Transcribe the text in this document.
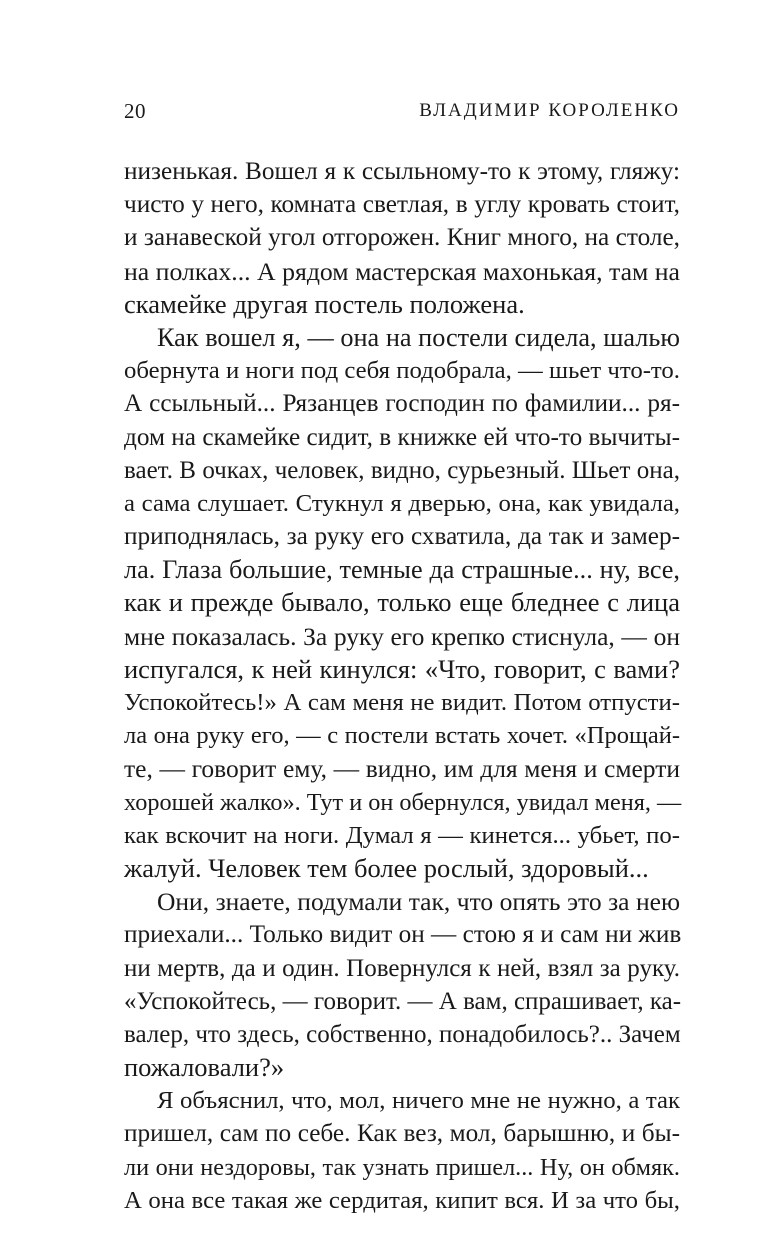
20	ВЛАДИМИР КОРОЛЕНКО

низенькая. Вошел я к ссыльному-то к этому, гляжу:
чисто у него, комната светлая, в углу кровать стоит,
и занавеской угол отгорожен. Книг много, на столе,
на полках... А рядом мастерская махонькая, там на
скамейке другая постель положена.

Как вошел я, — она на постели сидела, шалью
обернута и ноги под себя подобрала, — шьет что-то.
А ссыльный... Рязанцев господин по фамилии... ря-
дом на скамейке сидит, в книжке ей что-то вычиты-
вает. В очках, человек, видно, сурьезный. Шьет она,
а сама слушает. Стукнул я дверью, она, как увидала,
приподнялась, за руку его схватила, да так и замер-
ла. Глаза большие, темные да страшные... ну, все,
как и прежде бывало, только еще бледнее с лица
мне показалась. За руку его крепко стиснула, — он
испугался, к ней кинулся: «Что, говорит, с вами?
Успокойтесь!» А сам меня не видит. Потом отпусти-
ла она руку его, — с постели встать хочет. «Прощай-
те, — говорит ему, — видно, им для меня и смерти
хорошей жалко». Тут и он обернулся, увидал меня, —
как вскочит на ноги. Думал я — кинется... убьет, по-
жалуй. Человек тем более рослый, здоровый...

Они, знаете, подумали так, что опять это за нею
приехали... Только видит он — стою я и сам ни жив
ни мертв, да и один. Повернулся к ней, взял за руку.
«Успокойтесь, — говорит. — А вам, спрашивает, ка-
валер, что здесь, собственно, понадобилось?.. Зачем
пожаловали?»

Я объяснил, что, мол, ничего мне не нужно, а так
пришел, сам по себе. Как вез, мол, барышню, и бы-
ли они нездоровы, так узнать пришел... Ну, он обмяк.
А она все такая же сердитая, кипит вся. И за что бы,
